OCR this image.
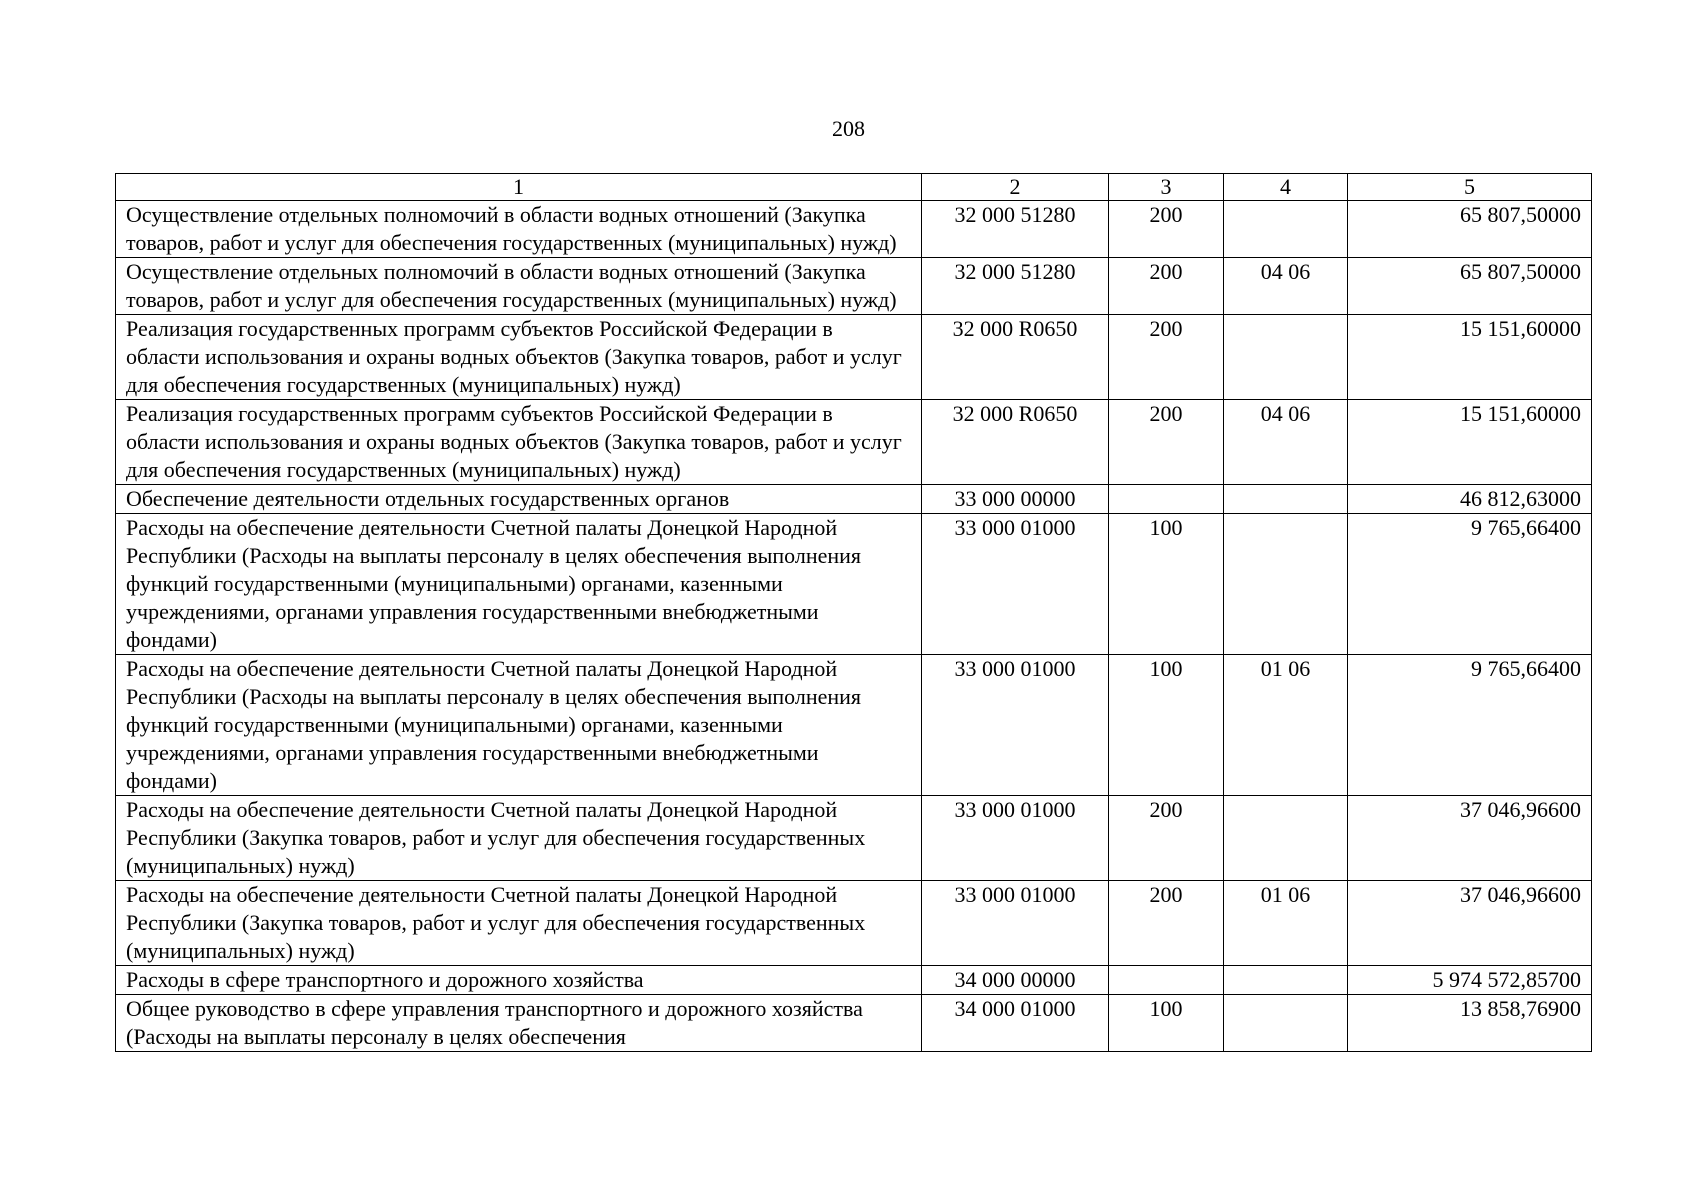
208
1	2	3	4	5
Осуществление отдельных полномочий в области водных отношений (Закупка товаров, работ и услуг для обеспечения государственных (муниципальных) нужд)	32 000 51280	200		65 807,50000
Осуществление отдельных полномочий в области водных отношений (Закупка товаров, работ и услуг для обеспечения государственных (муниципальных) нужд)	32 000 51280	200	04 06	65 807,50000
Реализация государственных программ субъектов Российской Федерации в области использования и охраны водных объектов (Закупка товаров, работ и услуг для обеспечения государственных (муниципальных) нужд)	32 000 R0650	200		15 151,60000
Реализация государственных программ субъектов Российской Федерации в области использования и охраны водных объектов (Закупка товаров, работ и услуг для обеспечения государственных (муниципальных) нужд)	32 000 R0650	200	04 06	15 151,60000
Обеспечение деятельности отдельных государственных органов	33 000 00000			46 812,63000
Расходы на обеспечение деятельности Счетной палаты Донецкой Народной Республики (Расходы на выплаты персоналу в целях обеспечения выполнения функций государственными (муниципальными) органами, казенными учреждениями, органами управления государственными внебюджетными фондами)	33 000 01000	100		9 765,66400
Расходы на обеспечение деятельности Счетной палаты Донецкой Народной Республики (Расходы на выплаты персоналу в целях обеспечения выполнения функций государственными (муниципальными) органами, казенными учреждениями, органами управления государственными внебюджетными фондами)	33 000 01000	100	01 06	9 765,66400
Расходы на обеспечение деятельности Счетной палаты Донецкой Народной Республики (Закупка товаров, работ и услуг для обеспечения государственных (муниципальных) нужд)	33 000 01000	200		37 046,96600
Расходы на обеспечение деятельности Счетной палаты Донецкой Народной Республики (Закупка товаров, работ и услуг для обеспечения государственных (муниципальных) нужд)	33 000 01000	200	01 06	37 046,96600
Расходы в сфере транспортного и дорожного хозяйства	34 000 00000			5 974 572,85700
Общее руководство в сфере управления транспортного и дорожного хозяйства (Расходы на выплаты персоналу в целях обеспечения	34 000 01000	100		13 858,76900
